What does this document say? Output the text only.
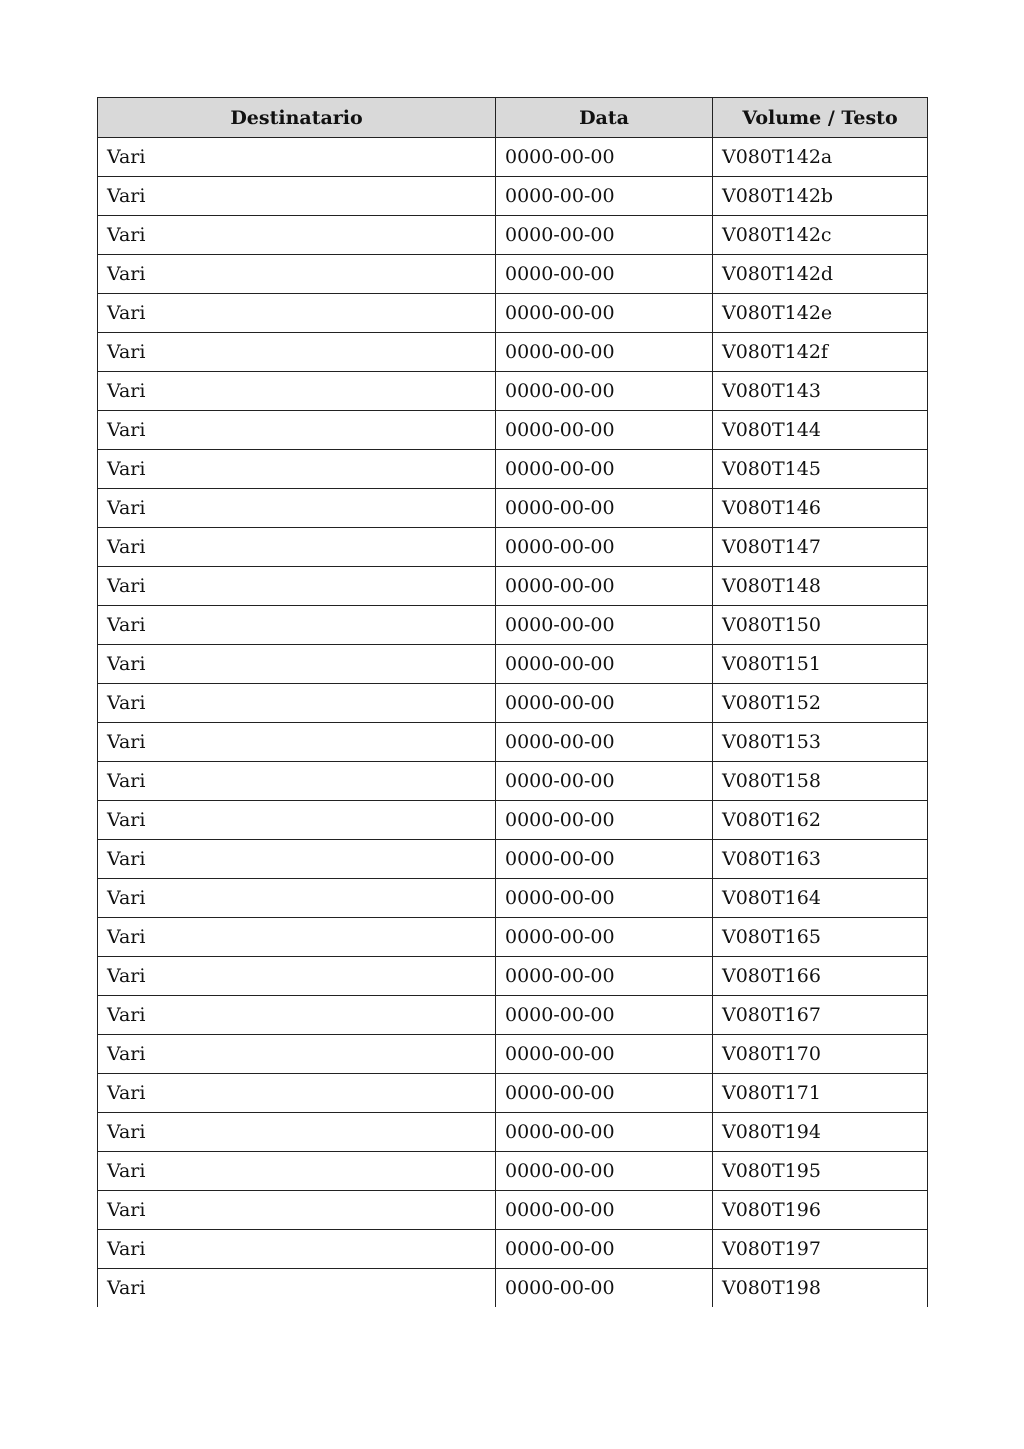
Destinatario	Data	Volume / Testo
Vari	0000-00-00	V080T142a
Vari	0000-00-00	V080T142b
Vari	0000-00-00	V080T142c
Vari	0000-00-00	V080T142d
Vari	0000-00-00	V080T142e
Vari	0000-00-00	V080T142f
Vari	0000-00-00	V080T143
Vari	0000-00-00	V080T144
Vari	0000-00-00	V080T145
Vari	0000-00-00	V080T146
Vari	0000-00-00	V080T147
Vari	0000-00-00	V080T148
Vari	0000-00-00	V080T150
Vari	0000-00-00	V080T151
Vari	0000-00-00	V080T152
Vari	0000-00-00	V080T153
Vari	0000-00-00	V080T158
Vari	0000-00-00	V080T162
Vari	0000-00-00	V080T163
Vari	0000-00-00	V080T164
Vari	0000-00-00	V080T165
Vari	0000-00-00	V080T166
Vari	0000-00-00	V080T167
Vari	0000-00-00	V080T170
Vari	0000-00-00	V080T171
Vari	0000-00-00	V080T194
Vari	0000-00-00	V080T195
Vari	0000-00-00	V080T196
Vari	0000-00-00	V080T197
Vari	0000-00-00	V080T198
